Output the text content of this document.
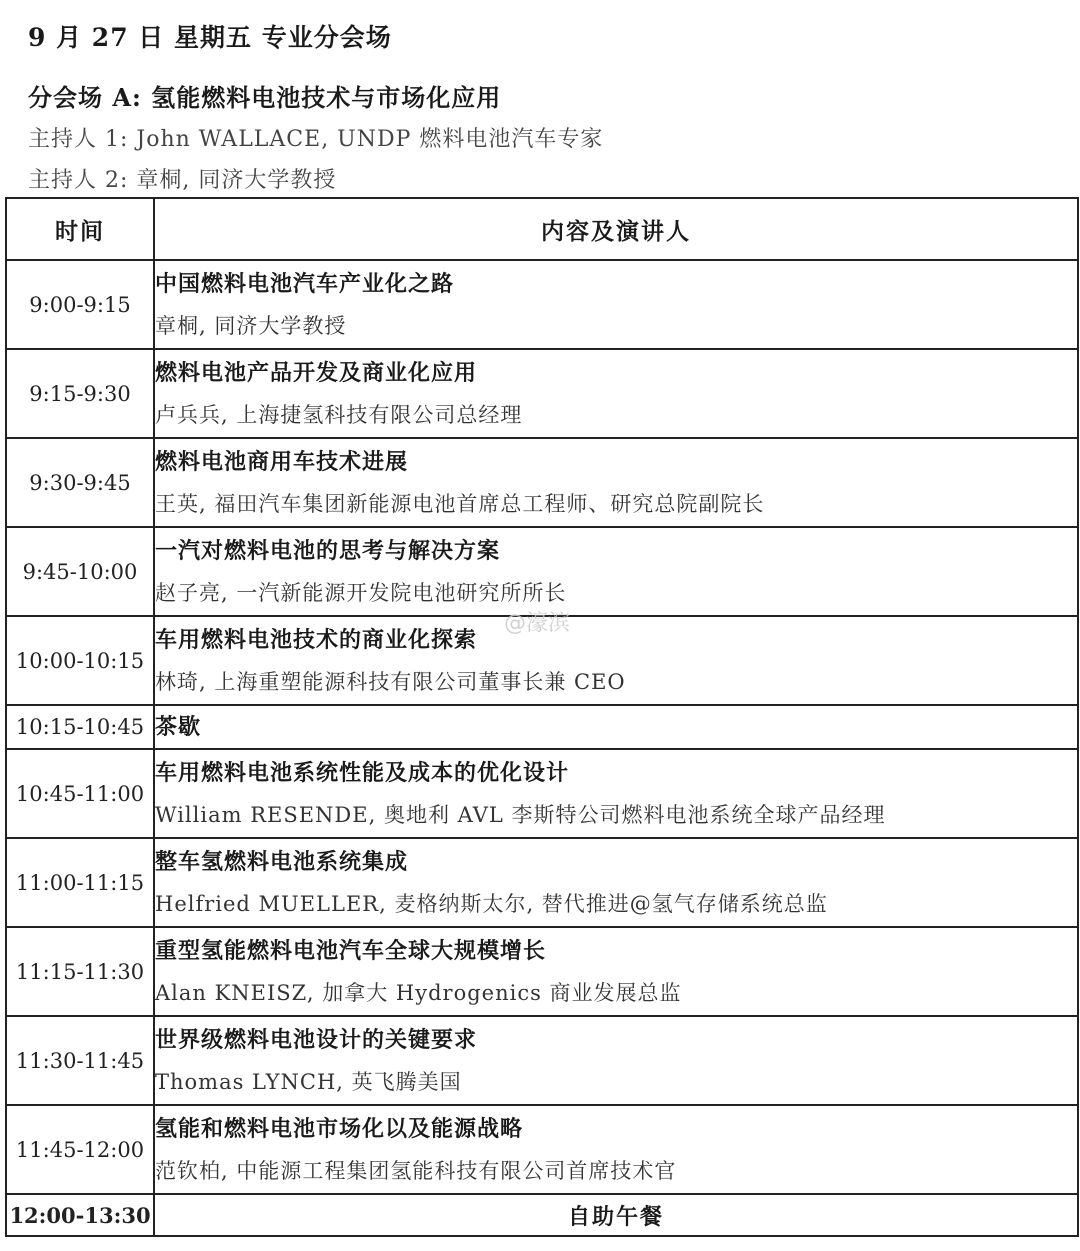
9 月 27 日 星期五 专业分会场
分会场 A: 氢能燃料电池技术与市场化应用
主持人 1: John WALLACE, UNDP 燃料电池汽车专家
主持人 2: 章桐, 同济大学教授
时间	内容及演讲人
9:00-9:15	中国燃料电池汽车产业化之路
章桐, 同济大学教授

9:15-9:30	燃料电池产品开发及商业化应用
卢兵兵, 上海捷氢科技有限公司总经理

9:30-9:45	燃料电池商用车技术进展
王英, 福田汽车集团新能源电池首席总工程师、研究总院副院长

9:45-10:00	一汽对燃料电池的思考与解决方案
赵子亮, 一汽新能源开发院电池研究所所长

10:00-10:15	车用燃料电池技术的商业化探索
林琦, 上海重塑能源科技有限公司董事长兼 CEO

10:15-10:45	茶歇

10:45-11:00	车用燃料电池系统性能及成本的优化设计
William RESENDE, 奥地利 AVL 李斯特公司燃料电池系统全球产品经理

11:00-11:15	整车氢燃料电池系统集成
Helfried MUELLER, 麦格纳斯太尔, 替代推进@氢气存储系统总监

11:15-11:30	重型氢能燃料电池汽车全球大规模增长
Alan KNEISZ, 加拿大 Hydrogenics 商业发展总监

11:30-11:45	世界级燃料电池设计的关键要求
Thomas LYNCH, 英飞腾美国

11:45-12:00	氢能和燃料电池市场化以及能源战略
范钦柏, 中能源工程集团氢能科技有限公司首席技术官

12:00-13:30	自助午餐
@濠滨
